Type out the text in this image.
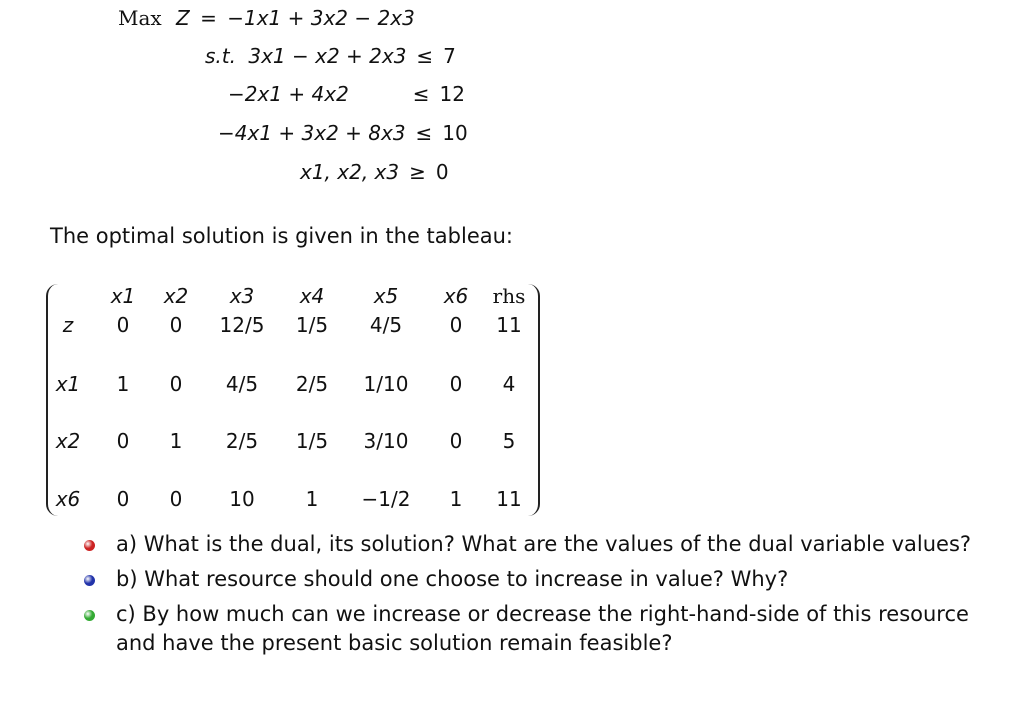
Max Z = −1x1 + 3x2 − 2x3
s.t. 3x1 − x2 + 2x3 ≤ 7
−2x1 + 4x2	≤ 12
−4x1 + 3x2 + 8x3 ≤ 10
x1, x2, x3 ≥ 0
The optimal solution is given in the tableau:
x1 x2 x3 x4 x5 x6 rhs
z 0 0 12/5 1/5 4/5 0 11
x1 1 0 4/5 2/5 1/10 0 4
x2 0 1 2/5 1/5 3/10 0 5
x6 0 0 10	1 −1/2 1 11
a) What is the dual, its solution? What are the values of the dual variable values?
b) What resource should one choose to increase in value? Why?
c) By how much can we increase or decrease the right-hand-side of this resource and have the present basic solution remain feasible?
